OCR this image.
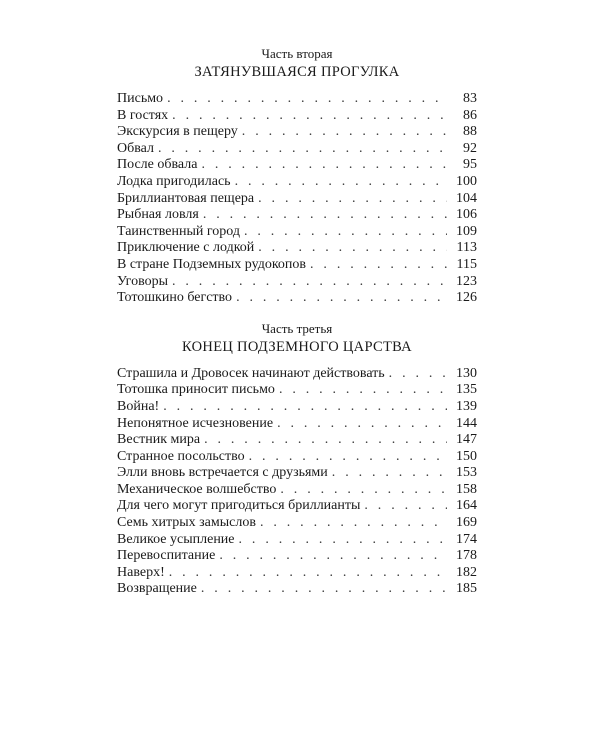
Часть вторая

ЗАТЯНУВШАЯСЯ ПРОГУЛКА

Письмо . . .	83
В гостях . . .	86
Экскурсия в пещеру . . .	88
Обвал . . .	92
После обвала . . .	95
Лодка пригодилась . . .	100
Бриллиантовая пещера . . .	104
Рыбная ловля . . .	106
Таинственный город . . .	109
Приключение с лодкой . . .	113
В стране Подземных рудокопов . . .	115
Уговоры . . .	123
Тотошкино бегство . . .	126

Часть третья

КОНЕЦ ПОДЗЕМНОГО ЦАРСТВА

Страшила и Дровосек начинают действовать . . .	130
Тотошка приносит письмо . . .	135
Война! . . .	139
Непонятное исчезновение . . .	144
Вестник мира . . .	147
Странное посольство . . .	150
Элли вновь встречается с друзьями . . .	153
Механическое волшебство . . .	158
Для чего могут пригодиться бриллианты . . .	164
Семь хитрых замыслов . . .	169
Великое усыпление . . .	174
Перевоспитание . . .	178
Наверх! . . .	182
Возвращение . . .	185
